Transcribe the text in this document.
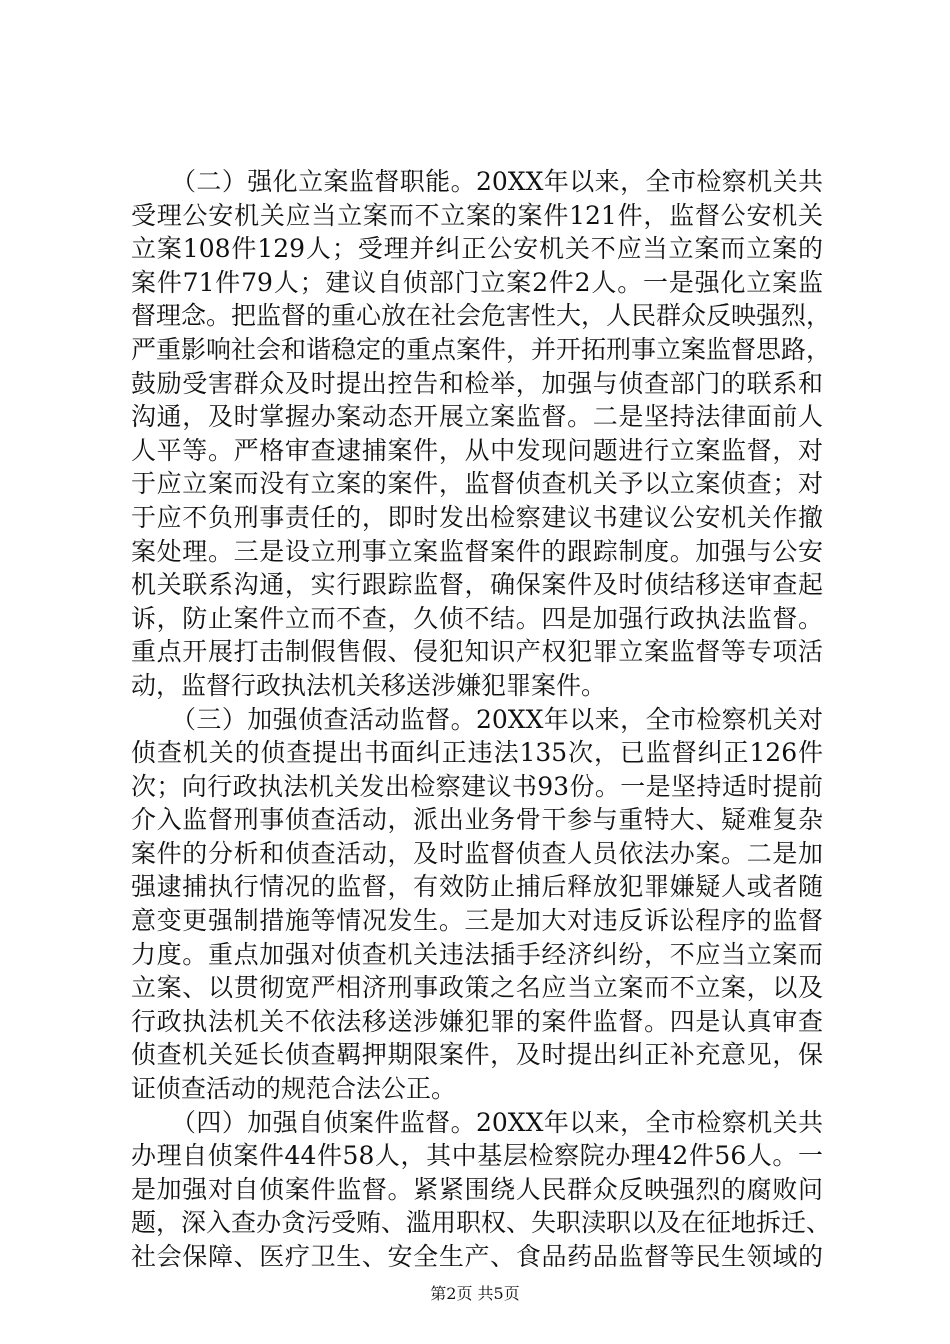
（二）强化立案监督职能。20XX年以来，全市检察机关共
受理公安机关应当立案而不立案的案件121件，监督公安机关
立案108件129人；受理并纠正公安机关不应当立案而立案的
案件71件79人；建议自侦部门立案2件2人。一是强化立案监
督理念。把监督的重心放在社会危害性大，人民群众反映强烈，
严重影响社会和谐稳定的重点案件，并开拓刑事立案监督思路，
鼓励受害群众及时提出控告和检举，加强与侦查部门的联系和
沟通，及时掌握办案动态开展立案监督。二是坚持法律面前人
人平等。严格审查逮捕案件，从中发现问题进行立案监督，对
于应立案而没有立案的案件，监督侦查机关予以立案侦查；对
于应不负刑事责任的，即时发出检察建议书建议公安机关作撤
案处理。三是设立刑事立案监督案件的跟踪制度。加强与公安
机关联系沟通，实行跟踪监督，确保案件及时侦结移送审查起
诉，防止案件立而不查，久侦不结。四是加强行政执法监督。
重点开展打击制假售假、侵犯知识产权犯罪立案监督等专项活
动，监督行政执法机关移送涉嫌犯罪案件。
（三）加强侦查活动监督。20XX年以来，全市检察机关对
侦查机关的侦查提出书面纠正违法135次，已监督纠正126件
次；向行政执法机关发出检察建议书93份。一是坚持适时提前
介入监督刑事侦查活动，派出业务骨干参与重特大、疑难复杂
案件的分析和侦查活动，及时监督侦查人员依法办案。二是加
强逮捕执行情况的监督，有效防止捕后释放犯罪嫌疑人或者随
意变更强制措施等情况发生。三是加大对违反诉讼程序的监督
力度。重点加强对侦查机关违法插手经济纠纷，不应当立案而
立案、以贯彻宽严相济刑事政策之名应当立案而不立案，以及
行政执法机关不依法移送涉嫌犯罪的案件监督。四是认真审查
侦查机关延长侦查羁押期限案件，及时提出纠正补充意见，保
证侦查活动的规范合法公正。
（四）加强自侦案件监督。20XX年以来，全市检察机关共
办理自侦案件44件58人，其中基层检察院办理42件56人。一
是加强对自侦案件监督。紧紧围绕人民群众反映强烈的腐败问
题，深入查办贪污受贿、滥用职权、失职渎职以及在征地拆迁、
社会保障、医疗卫生、安全生产、食品药品监督等民生领域的
第2页 共5页
